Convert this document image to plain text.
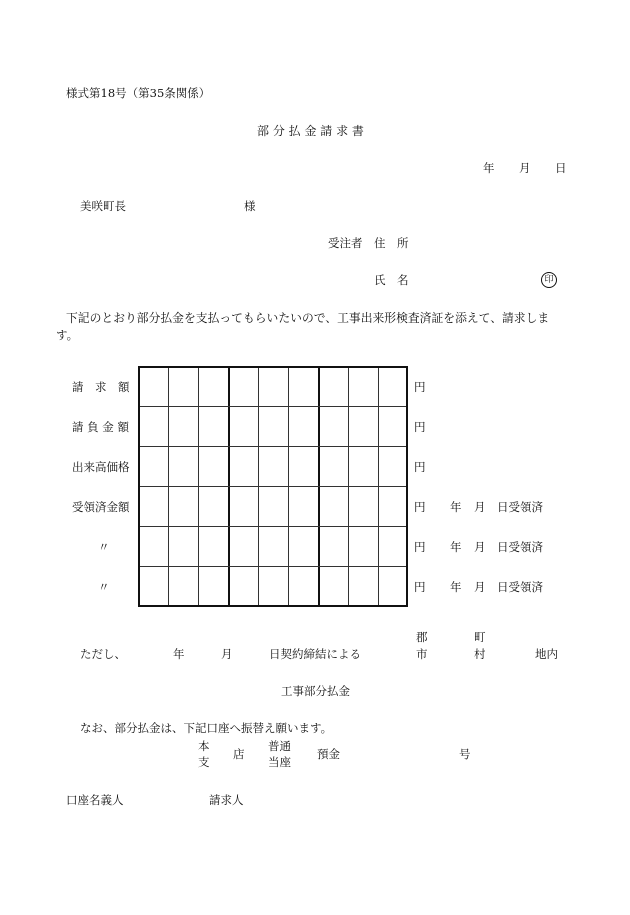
様式第18号（第35条関係）
部 分 払 金 請 求 書
年 月 日
美咲町長	様
受注者 住　所
氏　名	印
下記のとおり部分払金を支払ってもらいたいので、工事出来形検査済証を添えて、請求しま
す。
請　求　額	円
請 負 金 額	円
出来高価格	円
受領済金額	円 年 月 日受領済
〃	円 年 月 日受領済
〃	円 年 月 日受領済
ただし、	年	月	日契約締結による
郡
市
町
村	地内
工事部分払金
なお、部分払金は、下記口座へ振替え願います。
本
支
店
普通
当座
預金	号
口座名義人	請求人
